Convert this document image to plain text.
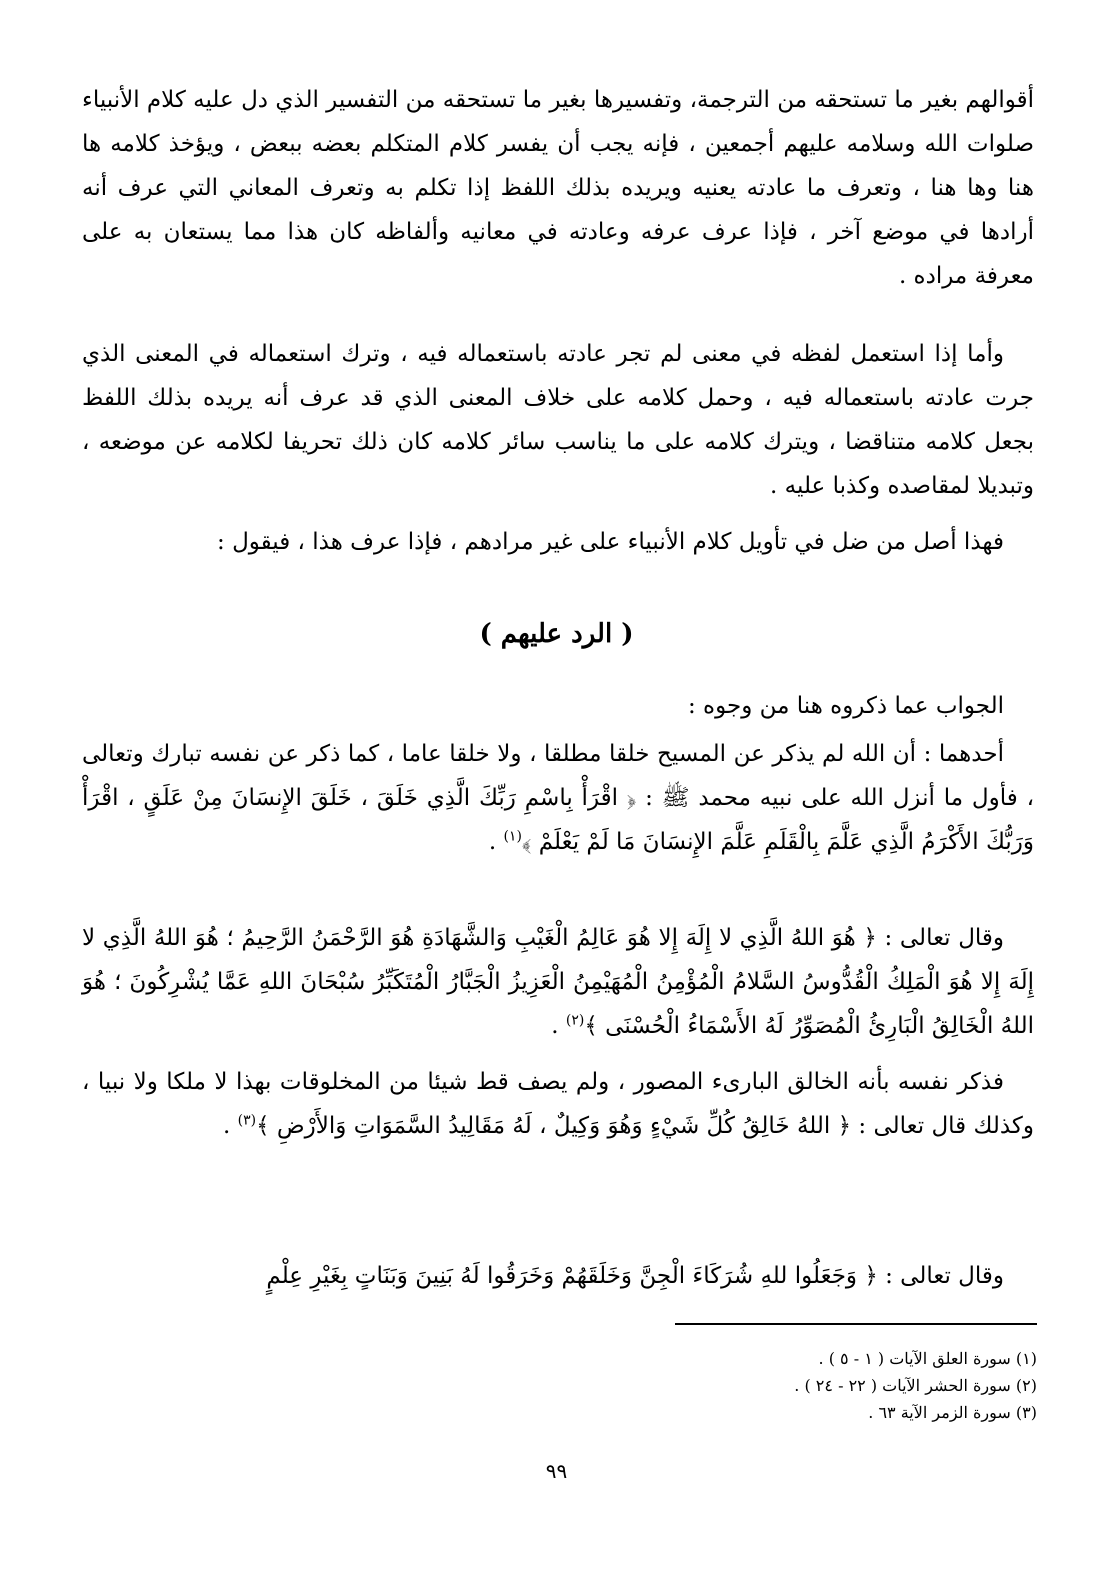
أقوالهم بغير ما تستحقه من الترجمة، وتفسيرها بغير ما تستحقه من التفسير الذي دل عليه كلام الأنبياء صلوات الله وسلامه عليهم أجمعين ، فإنه يجب أن يفسر كلام المتكلم بعضه ببعض ، ويؤخذ كلامه ها هنا وها هنا ، وتعرف ما عادته يعنيه ويريده بذلك اللفظ إذا تكلم به وتعرف المعاني التي عرف أنه أرادها في موضع آخر ، فإذا عرف عرفه وعادته في معانيه وألفاظه كان هذا مما يستعان به على معرفة مراده .
وأما إذا استعمل لفظه في معنى لم تجر عادته باستعماله فيه ، وترك استعماله في المعنى الذي جرت عادته باستعماله فيه ، وحمل كلامه على خلاف المعنى الذي قد عرف أنه يريده بذلك اللفظ بجعل كلامه متناقضا ، ويترك كلامه على ما يناسب سائر كلامه كان ذلك تحريفا لكلامه عن موضعه ، وتبديلا لمقاصده وكذبا عليه .
فهذا أصل من ضل في تأويل كلام الأنبياء على غير مرادهم ، فإذا عرف هذا ، فيقول :
( الرد عليهم )
الجواب عما ذكروه هنا من وجوه :
أحدهما : أن الله لم يذكر عن المسيح خلقا مطلقا ، ولا خلقا عاما ، كما ذكر عن نفسه تبارك وتعالى ، فأول ما أنزل الله على نبيه محمد ﷺ : ﴿ اقْرَأْ بِاسْمِ رَبِّكَ الَّذِي خَلَقَ ، خَلَقَ الإِنسَانَ مِنْ عَلَقٍ ، اقْرَأْ وَرَبُّكَ الأَكْرَمُ الَّذِي عَلَّمَ بِالْقَلَمِ عَلَّمَ الإِنسَانَ مَا لَمْ يَعْلَمْ ﴾$^{(١)}$ .
وقال تعالى : ﴿ هُوَ اللهُ الَّذِي لا إِلَهَ إِلا هُوَ عَالِمُ الْغَيْبِ وَالشَّهَادَةِ هُوَ الرَّحْمَنُ الرَّحِيمُ ؛ هُوَ اللهُ الَّذِي لا إِلَهَ إِلا هُوَ الْمَلِكُ الْقُدُّوسُ السَّلامُ الْمُؤْمِنُ الْمُهَيْمِنُ الْعَزِيزُ الْجَبَّارُ الْمُتَكَبِّرُ سُبْحَانَ اللهِ عَمَّا يُشْرِكُونَ ؛ هُوَ اللهُ الْخَالِقُ الْبَارِئُ الْمُصَوِّرُ لَهُ الأَسْمَاءُ الْحُسْنَى ﴾$^{(٢)}$ .
فذكر نفسه بأنه الخالق البارىء المصور ، ولم يصف قط شيئا من المخلوقات بهذا لا ملكا ولا نبيا ، وكذلك قال تعالى : ﴿ اللهُ خَالِقُ كُلِّ شَيْءٍ وَهُوَ وَكِيلٌ ، لَهُ مَقَالِيدُ السَّمَوَاتِ وَالأَرْضِ ﴾$^{(٣)}$ .
وقال تعالى : ﴿ وَجَعَلُوا للهِ شُرَكَاءَ الْجِنَّ وَخَلَقَهُمْ وَخَرَقُوا لَهُ بَنِينَ وَبَنَاتٍ بِغَيْرِ عِلْمٍ
(١) سورة العلق الآيات ( ١ - ٥ ) .
(٢) سورة الحشر الآيات ( ٢٢ - ٢٤ ) .
(٣) سورة الزمر الآية ٦٣ .
٩٩
